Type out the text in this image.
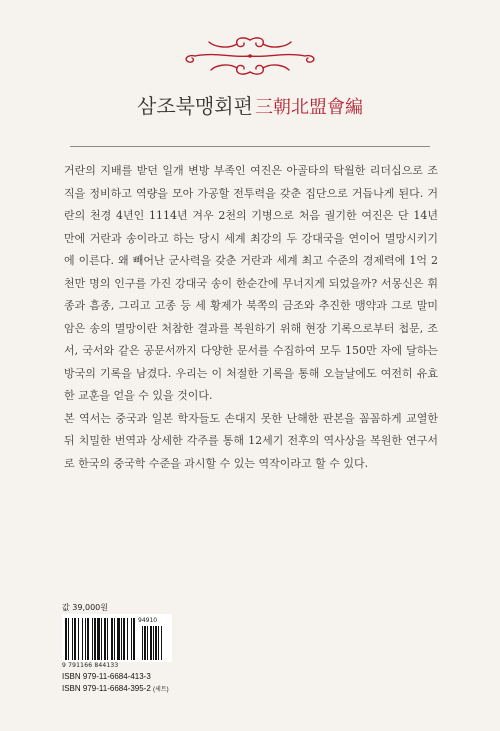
삼조북맹회편 三朝北盟會編

거란의 지배를 받던 일개 변방 부족인 여진은 아골타의 탁월한 리더십으로 조직을 정비하고 역량을 모아 가공할 전투력을 갖춘 집단으로 거듭나게 된다. 거란의 천경 4년인 1114년 겨우 2천의 기병으로 처음 궐기한 여진은 단 14년 만에 거란과 송이라고 하는 당시 세계 최강의 두 강대국을 연이어 멸망시키기에 이른다. 왜 빼어난 군사력을 갖춘 거란과 세계 최고 수준의 경제력에 1억 2천만 명의 인구를 가진 강대국 송이 한순간에 무너지게 되었을까? 서몽신은 휘종과 흠종, 그리고 고종 등 세 황제가 북쪽의 금조와 추진한 맹약과 그로 말미암은 송의 멸망이란 처참한 결과를 복원하기 위해 현장 기록으로부터 첩문, 조서, 국서와 같은 공문서까지 다양한 문서를 수집하여 모두 150만 자에 달하는 방국의 기록을 남겼다. 우리는 이 처절한 기록을 통해 오늘날에도 여전히 유효한 교훈을 얻을 수 있을 것이다.

본 역서는 중국과 일본 학자들도 손대지 못한 난해한 판본을 꼼꼼하게 교열한 뒤 치밀한 번역과 상세한 각주를 통해 12세기 전후의 역사상을 복원한 연구서로 한국의 중국학 수준을 과시할 수 있는 역작이라고 할 수 있다.

값 39,000원
94910
9 791166 844133
ISBN 979-11-6684-413-3
ISBN 979-11-6684-395-2 (세트)
